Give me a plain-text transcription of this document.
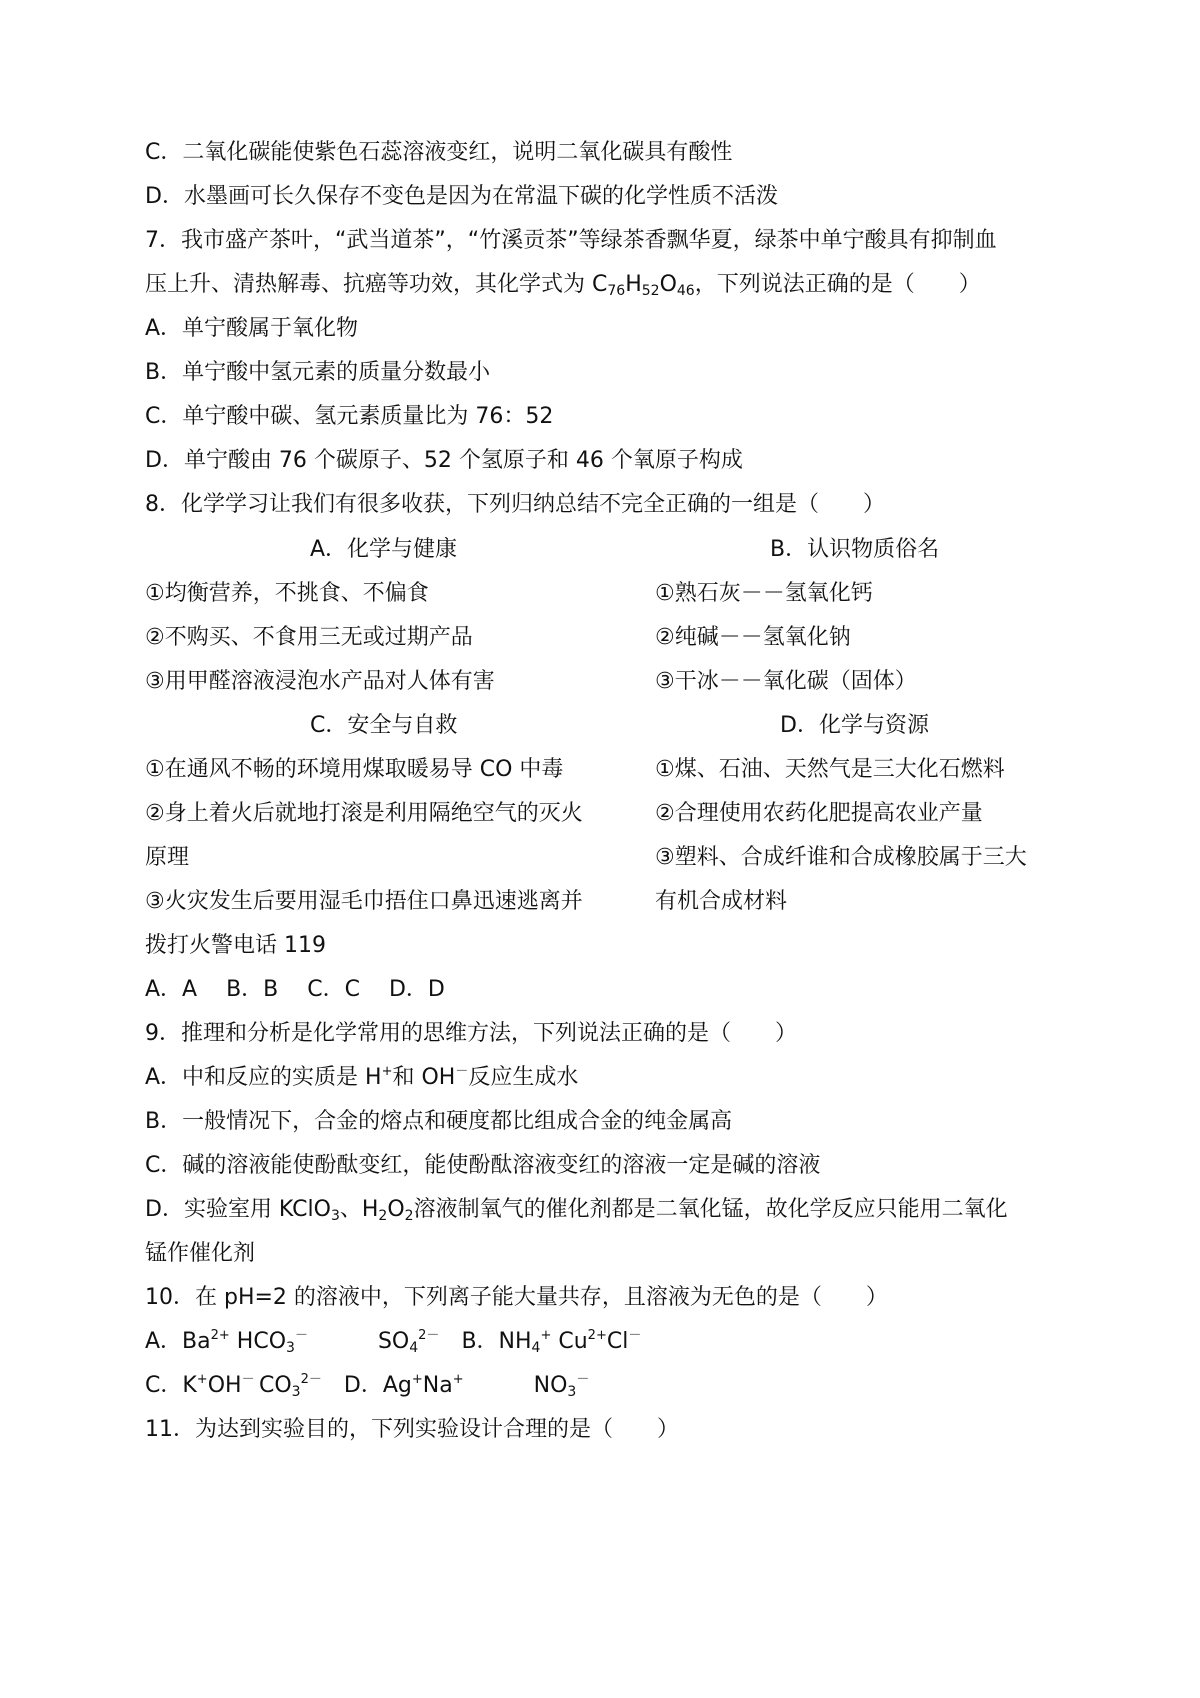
C．二氧化碳能使紫色石蕊溶液变红，说明二氧化碳具有酸性
D．水墨画可长久保存不变色是因为在常温下碳的化学性质不活泼
7．我市盛产茶叶，“武当道茶”，“竹溪贡茶”等绿茶香飘华夏，绿茶中单宁酸具有抑制血
压上升、清热解毒、抗癌等功效，其化学式为 $C_{76}H_{52}O_{46}$，下列说法正确的是（　　）
A．单宁酸属于氧化物
B．单宁酸中氢元素的质量分数最小
C．单宁酸中碳、氢元素质量比为 76：52
D．单宁酸由 76 个碳原子、52 个氢原子和 46 个氧原子构成
8．化学学习让我们有很多收获，下列归纳总结不完全正确的一组是（　　）
A．化学与健康	B．认识物质俗名
①均衡营养，不挑食、不偏食	①熟石灰－－氢氧化钙
②不购买、不食用三无或过期产品	②纯碱－－氢氧化钠
③用甲醛溶液浸泡水产品对人体有害	③干冰－－氧化碳（固体）
C．安全与自救	D．化学与资源
①在通风不畅的环境用煤取暖易导 CO 中毒	①煤、石油、天然气是三大化石燃料
②身上着火后就地打滚是利用隔绝空气的灭火	②合理使用农药化肥提高农业产量
原理	③塑料、合成纤谁和合成橡胶属于三大
③火灾发生后要用湿毛巾捂住口鼻迅速逃离并	有机合成材料
拨打火警电话 119
A．A　 B．B　 C．C　 D．D
9．推理和分析是化学常用的思维方法，下列说法正确的是（　　）
A．中和反应的实质是 H+和 OH－反应生成水
B．一般情况下，合金的熔点和硬度都比组成合金的纯金属高
C．碱的溶液能使酚酞变红，能使酚酞溶液变红的溶液一定是碱的溶液
D．实验室用 KClO$_3$、$H_2O_2$溶液制氧气的催化剂都是二氧化锰，故化学反应只能用二氧化
锰作催化剂
10．在 pH=2 的溶液中，下列离子能大量共存，且溶液为无色的是（　　）
A．$Ba^{2+}$ $HCO_3^-$	$SO_4^{2-}$ B．$NH_4^+$ $Cu^{2+}Cl^-$
C．K+OH－  $CO_3^{2-}$ D．Ag+Na+	$NO_3^-$
11．为达到实验目的，下列实验设计合理的是（　　）
